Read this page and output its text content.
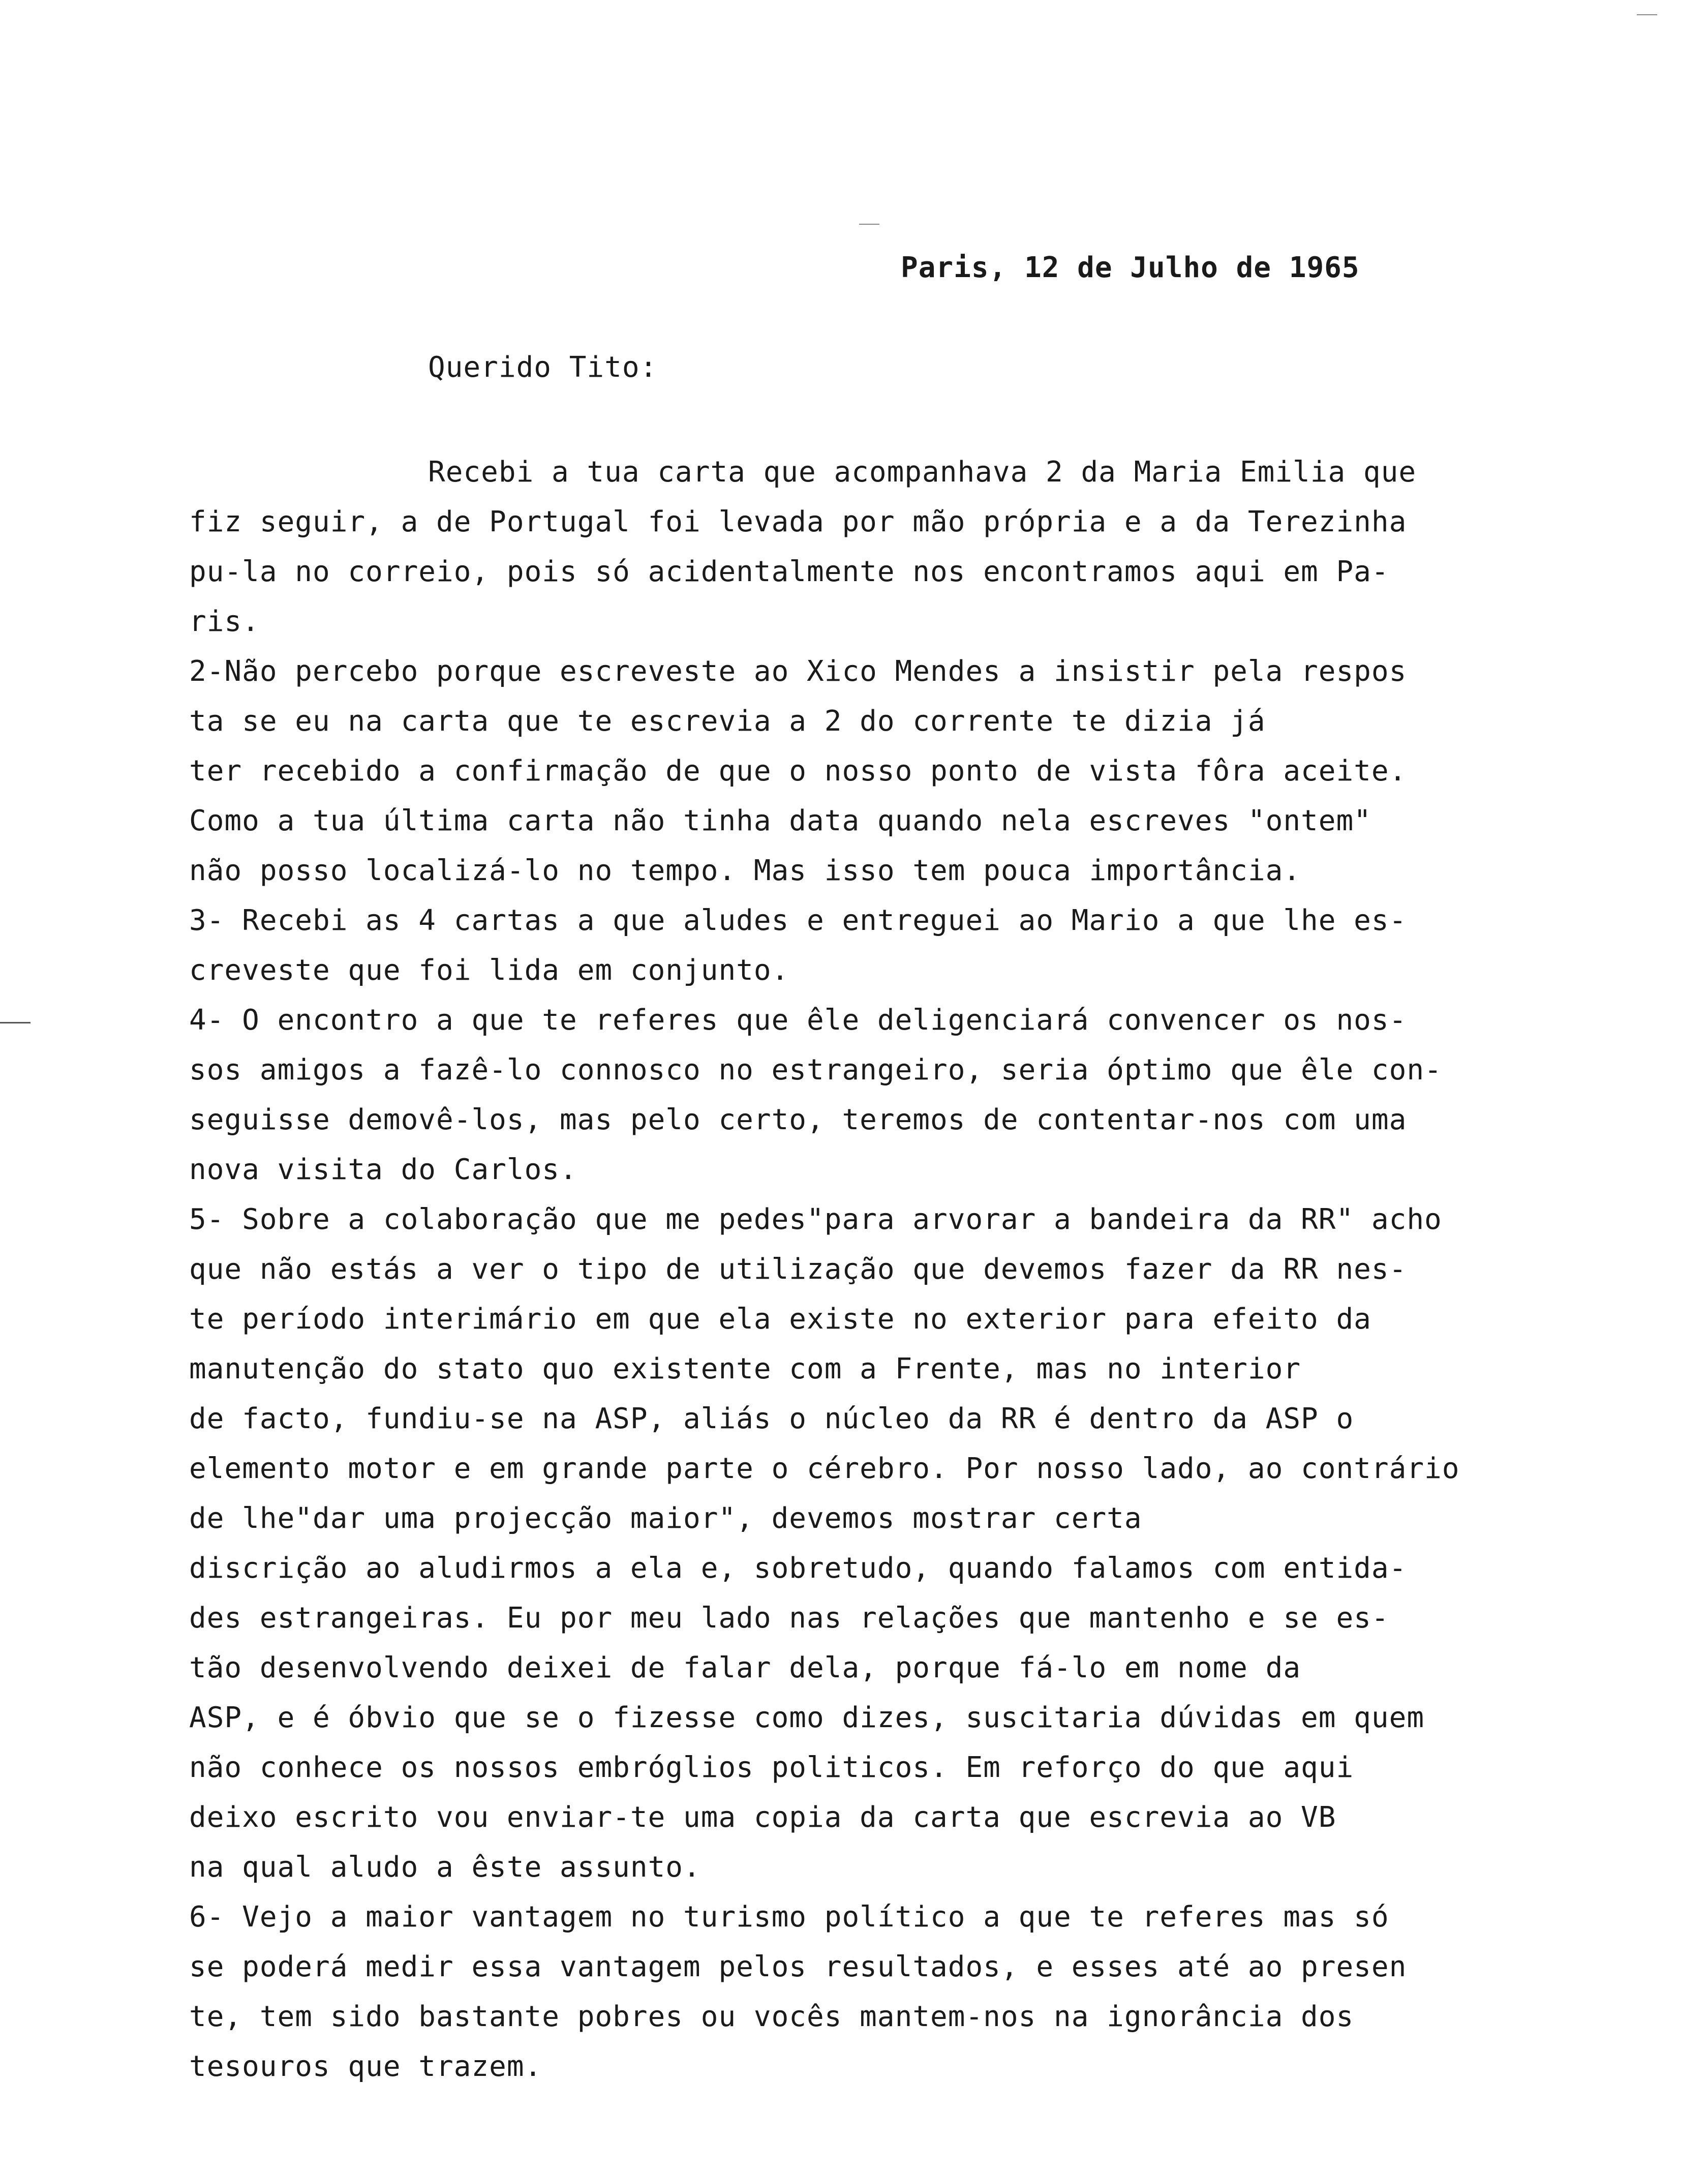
Paris, 12 de Julho de 1965
Querido Tito:
Recebi a tua carta que acompanhava 2 da Maria Emilia que
fiz seguir, a de Portugal foi levada por mão própria e a da Terezinha
pu-la no correio, pois só acidentalmente nos encontramos aqui em Pa-
ris.
2-Não percebo porque escreveste ao Xico Mendes a insistir pela respos
ta se eu na carta que te escrevia a 2 do corrente te dizia já
ter recebido a confirmação de que o nosso ponto de vista fôra aceite.
Como a tua última carta não tinha data quando nela escreves "ontem"
não posso localizá-lo no tempo. Mas isso tem pouca importância.
3- Recebi as 4 cartas a que aludes e entreguei ao Mario a que lhe es-
creveste que foi lida em conjunto.
4- O encontro a que te referes que êle deligenciará convencer os nos-
sos amigos a fazê-lo connosco no estrangeiro, seria óptimo que êle con-
seguisse demovê-los, mas pelo certo, teremos de contentar-nos com uma
nova visita do Carlos.
5- Sobre a colaboração que me pedes"para arvorar a bandeira da RR" acho
que não estás a ver o tipo de utilização que devemos fazer da RR nes-
te período interimário em que ela existe no exterior para efeito da
manutenção do stato quo existente com a Frente, mas no interior
de facto, fundiu-se na ASP, aliás o núcleo da RR é dentro da ASP o
elemento motor e em grande parte o cérebro. Por nosso lado, ao contrário
de lhe"dar uma projecção maior", devemos mostrar certa
discrição ao aludirmos a ela e, sobretudo, quando falamos com entida-
des estrangeiras. Eu por meu lado nas relações que mantenho e se es-
tão desenvolvendo deixei de falar dela, porque fá-lo em nome da
ASP, e é óbvio que se o fizesse como dizes, suscitaria dúvidas em quem
não conhece os nossos embróglios politicos. Em reforço do que aqui
deixo escrito vou enviar-te uma copia da carta que escrevia ao VB
na qual aludo a êste assunto.
6- Vejo a maior vantagem no turismo político a que te referes mas só
se poderá medir essa vantagem pelos resultados, e esses até ao presen
te, tem sido bastante pobres ou vocês mantem-nos na ignorância dos
tesouros que trazem.
